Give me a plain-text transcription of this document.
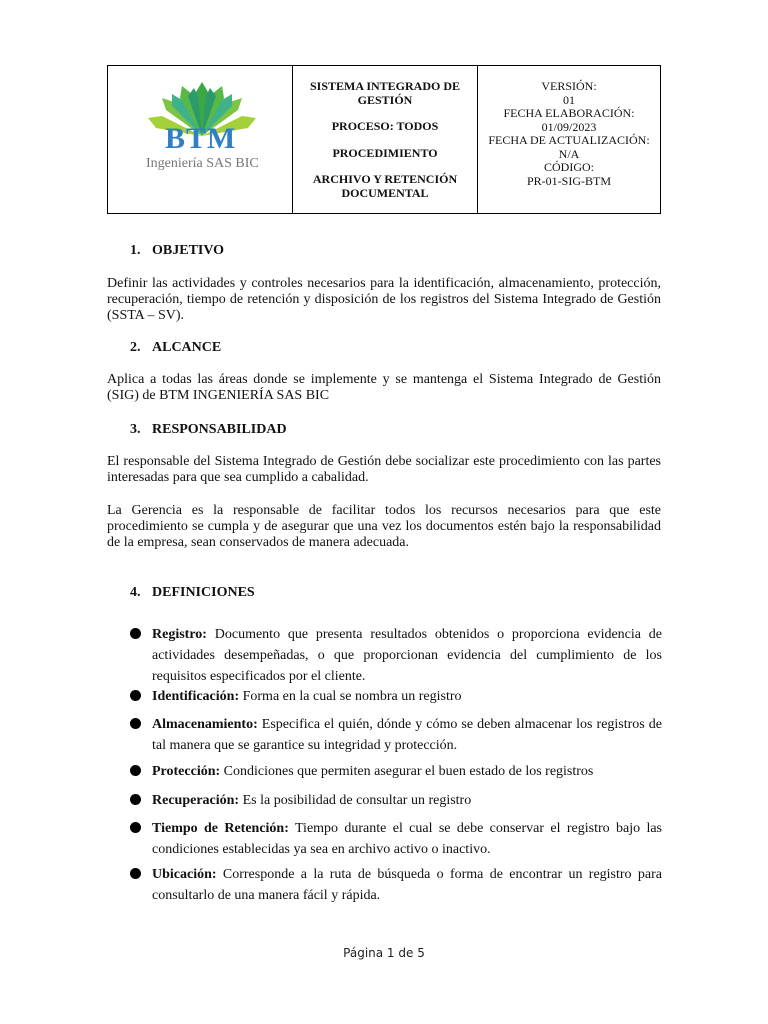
BTM
Ingeniería SAS BIC

SISTEMA INTEGRADO DE GESTIÓN

PROCESO: TODOS

PROCEDIMIENTO

ARCHIVO Y RETENCIÓN DOCUMENTAL

VERSIÓN:
01
FECHA ELABORACIÓN:
01/09/2023
FECHA DE ACTUALIZACIÓN:
N/A
CÓDIGO:
PR-01-SIG-BTM
1. OBJETIVO
Definir las actividades y controles necesarios para la identificación, almacenamiento, protección, recuperación, tiempo de retención y disposición de los registros del Sistema Integrado de Gestión (SSTA – SV).
2. ALCANCE
Aplica a todas las áreas donde se implemente y se mantenga el Sistema Integrado de Gestión (SIG) de BTM INGENIERÍA SAS BIC
3. RESPONSABILIDAD
El responsable del Sistema Integrado de Gestión debe socializar este procedimiento con las partes interesadas para que sea cumplido a cabalidad.
La Gerencia es la responsable de facilitar todos los recursos necesarios para que este procedimiento se cumpla y de asegurar que una vez los documentos estén bajo la responsabilidad de la empresa, sean conservados de manera adecuada.
4. DEFINICIONES
Registro: Documento que presenta resultados obtenidos o proporciona evidencia de actividades desempeñadas, o que proporcionan evidencia del cumplimiento de los requisitos especificados por el cliente.
Identificación: Forma en la cual se nombra un registro
Almacenamiento: Especifica el quién, dónde y cómo se deben almacenar los registros de tal manera que se garantice su integridad y protección.
Protección: Condiciones que permiten asegurar el buen estado de los registros
Recuperación: Es la posibilidad de consultar un registro
Tiempo de Retención: Tiempo durante el cual se debe conservar el registro bajo las condiciones establecidas ya sea en archivo activo o inactivo.
Ubicación: Corresponde a la ruta de búsqueda o forma de encontrar un registro para consultarlo de una manera fácil y rápida.
Página 1 de 5
